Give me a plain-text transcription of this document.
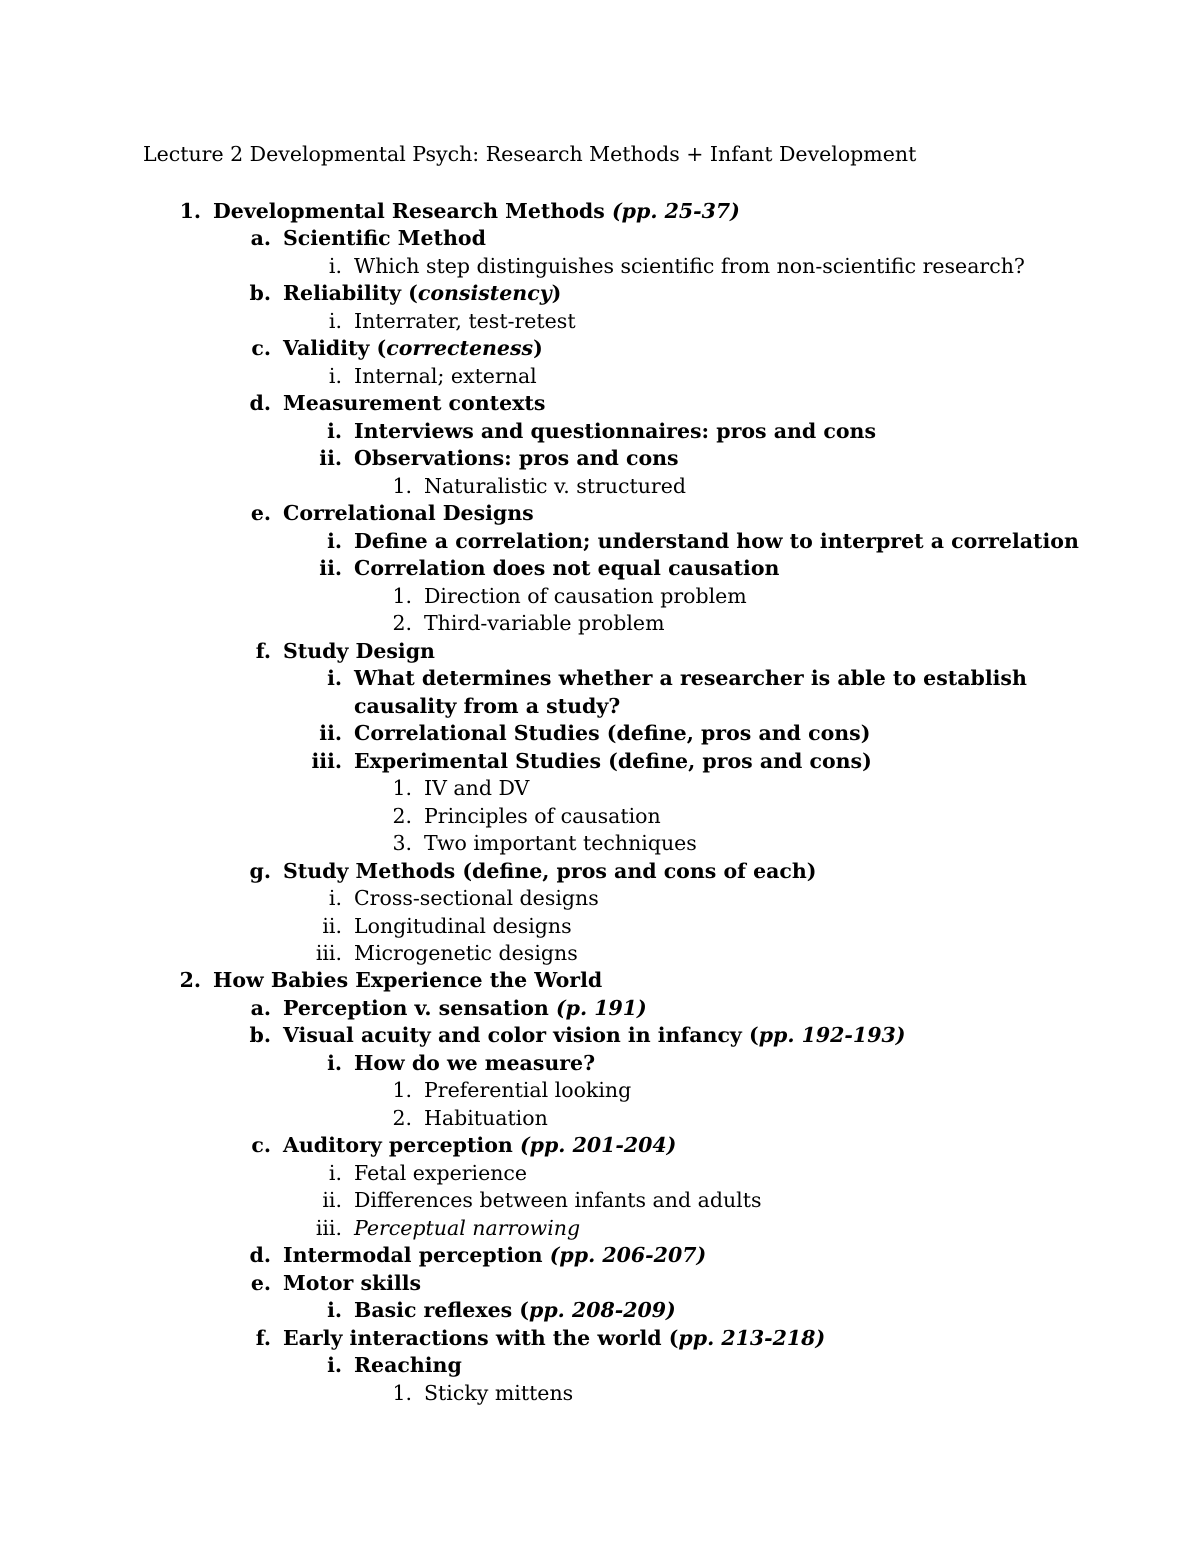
Lecture 2 Developmental Psych: Research Methods + Infant Development
1. Developmental Research Methods (pp. 25-37)
a. Scientific Method
i. Which step distinguishes scientific from non-scientific research?
b. Reliability (consistency)
i. Interrater, test-retest
c. Validity (correcteness)
i. Internal; external
d. Measurement contexts
i. Interviews and questionnaires: pros and cons
ii. Observations: pros and cons
1. Naturalistic v. structured
e. Correlational Designs
i. Define a correlation; understand how to interpret a correlation
ii. Correlation does not equal causation
1. Direction of causation problem
2. Third-variable problem
f. Study Design
i. What determines whether a researcher is able to establish
causality from a study?
ii. Correlational Studies (define, pros and cons)
iii. Experimental Studies (define, pros and cons)
1. IV and DV
2. Principles of causation
3. Two important techniques
g. Study Methods (define, pros and cons of each)
i. Cross-sectional designs
ii. Longitudinal designs
iii. Microgenetic designs
2. How Babies Experience the World
a. Perception v. sensation (p. 191)
b. Visual acuity and color vision in infancy (pp. 192-193)
i. How do we measure?
1. Preferential looking
2. Habituation
c. Auditory perception (pp. 201-204)
i. Fetal experience
ii. Differences between infants and adults
iii. Perceptual narrowing
d. Intermodal perception (pp. 206-207)
e. Motor skills
i. Basic reflexes (pp. 208-209)
f. Early interactions with the world (pp. 213-218)
i. Reaching
1. Sticky mittens
